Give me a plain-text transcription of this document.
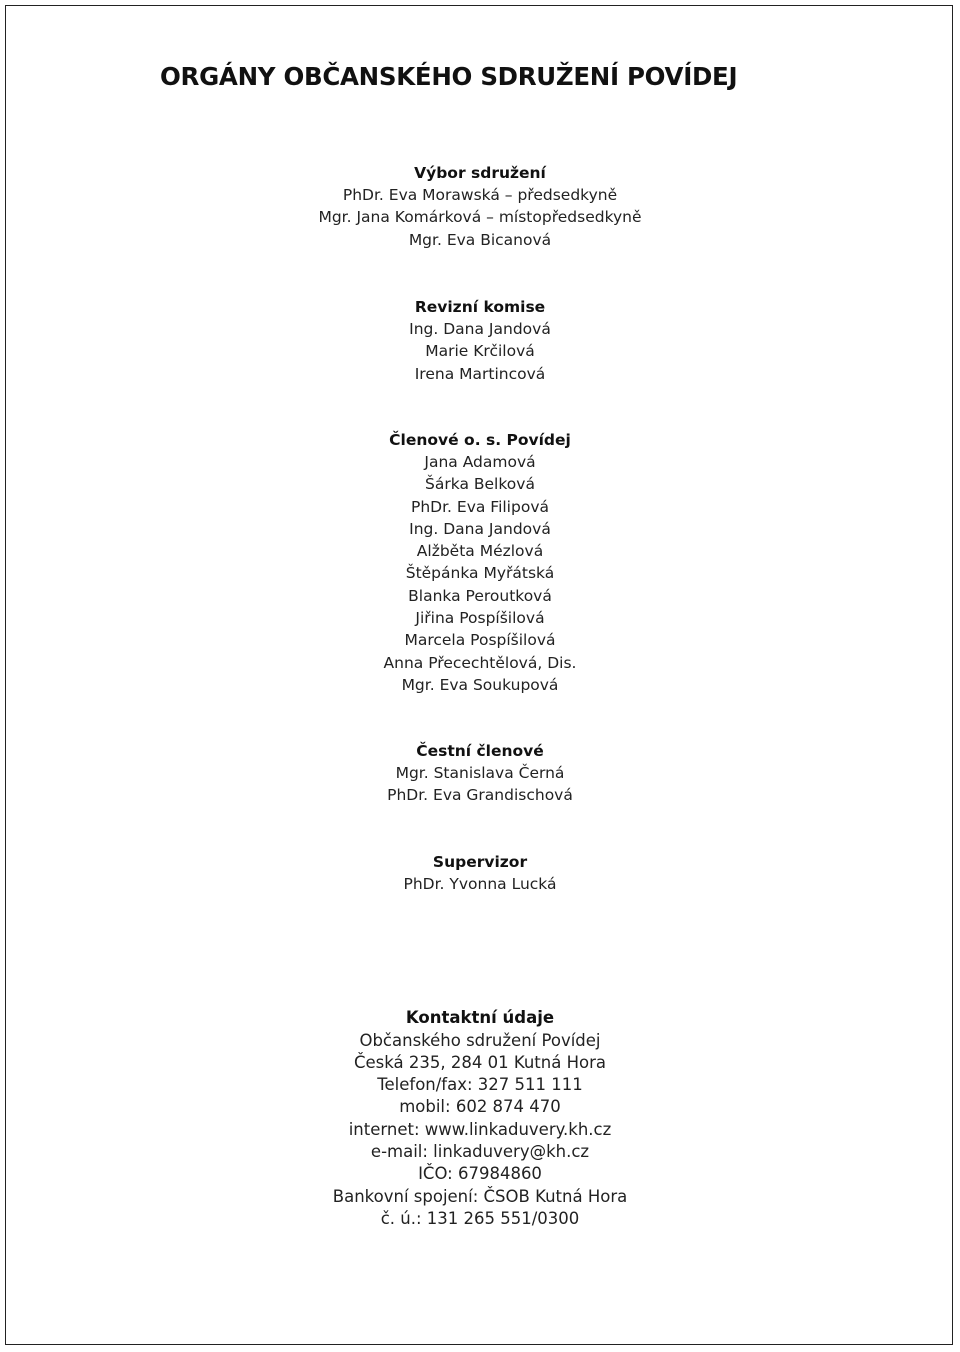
ORGÁNY OBČANSKÉHO SDRUŽENÍ POVÍDEJ
Výbor sdružení
PhDr. Eva Morawská – předsedkyně
Mgr. Jana Komárková – místopředsedkyně
Mgr. Eva Bicanová
Revizní komise
Ing. Dana Jandová
Marie Krčilová
Irena Martincová
Členové o. s. Povídej
Jana Adamová
Šárka Belková
PhDr. Eva Filipová
Ing. Dana Jandová
Alžběta Mézlová
Štěpánka Myřátská
Blanka Peroutková
Jiřina Pospíšilová
Marcela Pospíšilová
Anna Přecechtělová, Dis.
Mgr. Eva Soukupová
Čestní členové
Mgr. Stanislava Černá
PhDr. Eva Grandischová
Supervizor
PhDr. Yvonna Lucká
Kontaktní údaje
Občanského sdružení Povídej
Česká 235, 284 01 Kutná Hora
Telefon/fax: 327 511 111
mobil: 602 874 470
internet: www.linkaduvery.kh.cz
e-mail: linkaduvery@kh.cz
IČO: 67984860
Bankovní spojení: ČSOB Kutná Hora
č. ú.: 131 265 551/0300
